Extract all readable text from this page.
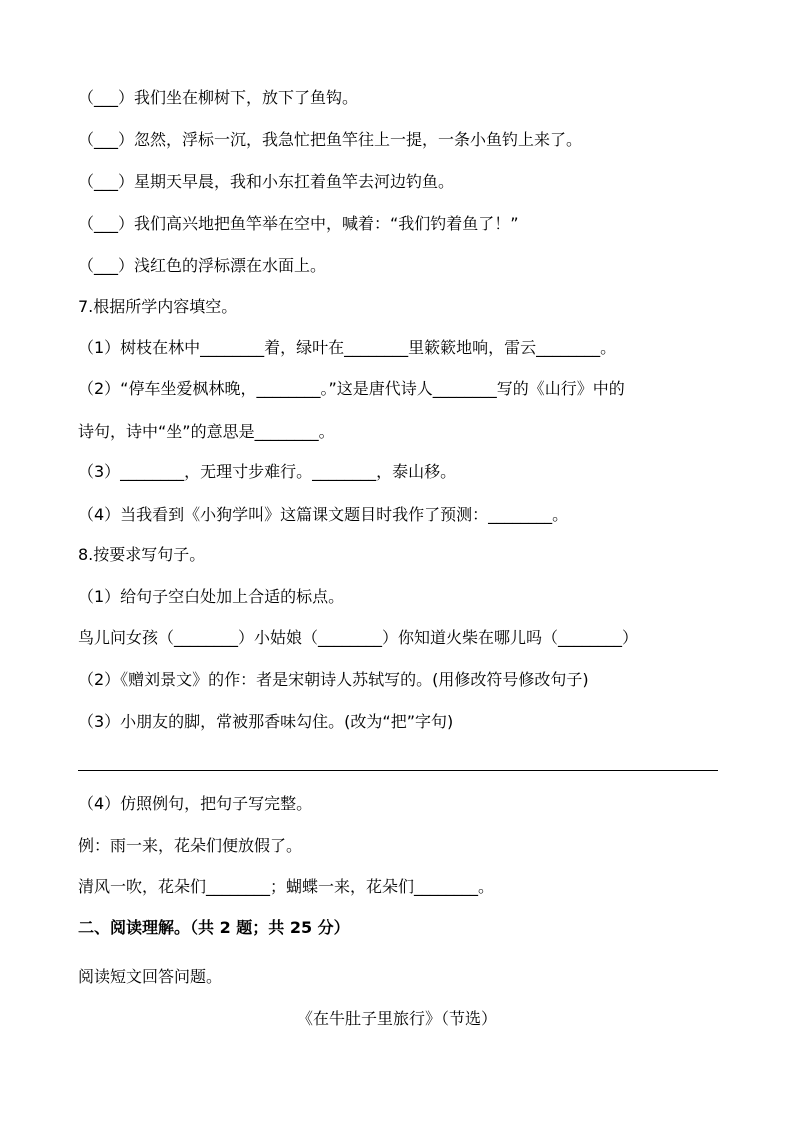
（___）我们坐在柳树下，放下了鱼钩。
（___）忽然，浮标一沉，我急忙把鱼竿往上一提，一条小鱼钓上来了。
（___）星期天早晨，我和小东扛着鱼竿去河边钓鱼。
（___）我们高兴地把鱼竿举在空中，喊着：“我们钓着鱼了！”
（___）浅红色的浮标漂在水面上。
7.根据所学内容填空。
（1）树枝在林中________着，绿叶在________里簌簌地响，雷云________。
（2）“停车坐爱枫林晚，________。”这是唐代诗人________写的《山行》中的
诗句，诗中“坐”的意思是________。
（3）________，无理寸步难行。________，泰山移。
（4）当我看到《小狗学叫》这篇课文题目时我作了预测：________。
8.按要求写句子。
（1）给句子空白处加上合适的标点。
鸟儿问女孩（________）小姑娘（________）你知道火柴在哪儿吗（________）
（2）《赠刘景文》的作：者是宋朝诗人苏轼写的。(用修改符号修改句子)
（3）小朋友的脚，常被那香味勾住。(改为“把”字句)
（4）仿照例句，把句子写完整。
例：雨一来，花朵们便放假了。
清风一吹，花朵们________；蝴蝶一来，花朵们________。
二、阅读理解。（共 2 题；共 25 分）
阅读短文回答问题。
《在牛肚子里旅行》（节选）
